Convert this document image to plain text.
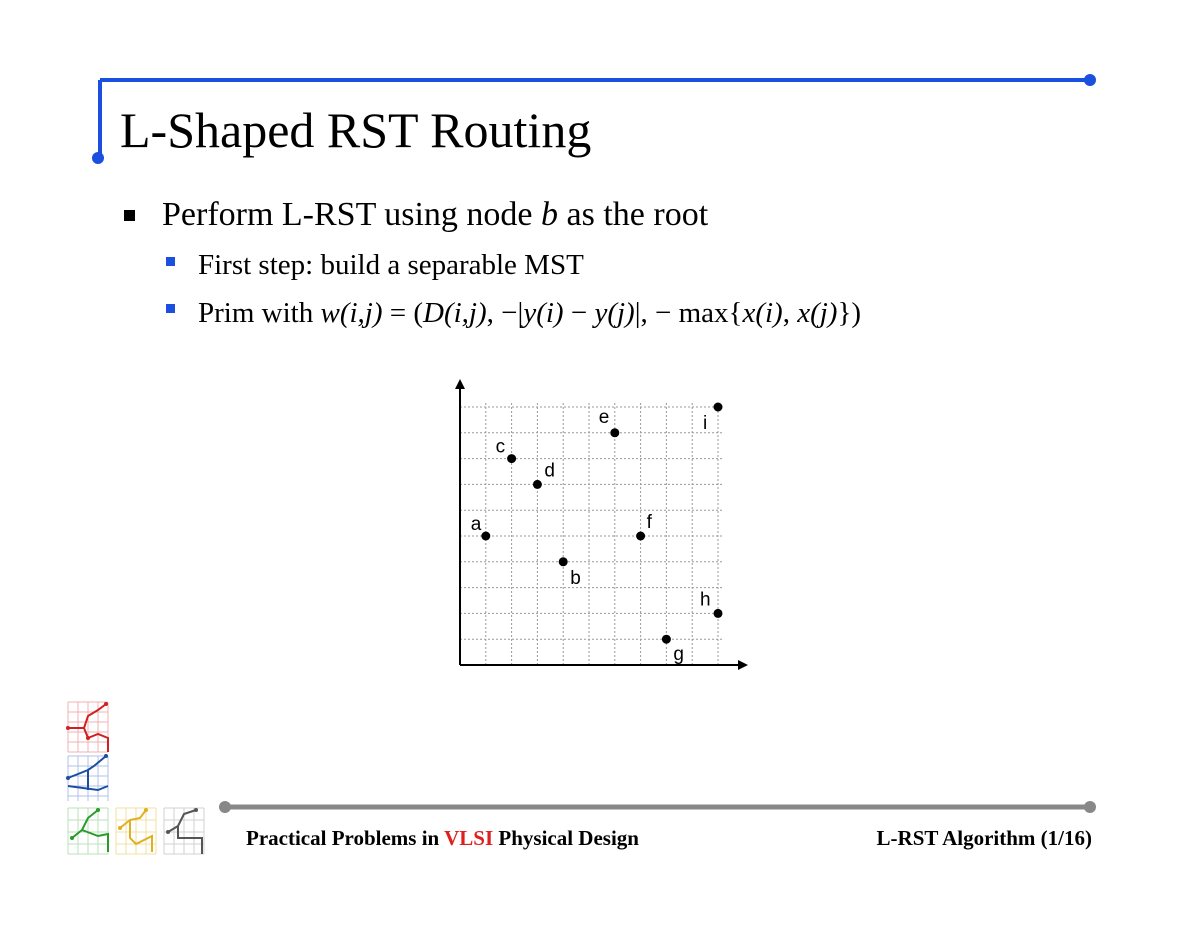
L-Shaped RST Routing
Perform L-RST using node b as the root
First step: build a separable MST
Prim with w(i,j) = (D(i,j), −|y(i) − y(j)|, − max{x(i), x(j)})
a
b
c
d
e
f
g
h
i
Practical Problems in VLSI Physical Design	L-RST Algorithm (1/16)
